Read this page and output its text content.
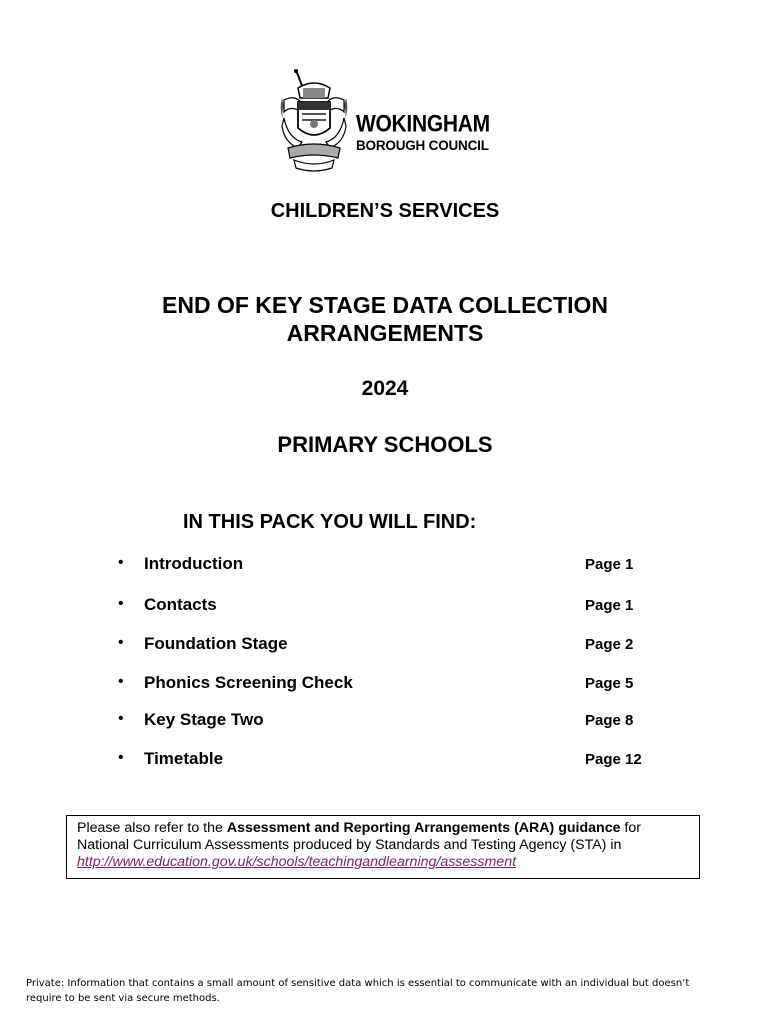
WOKINGHAM
BOROUGH COUNCIL
CHILDREN’S SERVICES
END OF KEY STAGE DATA COLLECTION
ARRANGEMENTS
2024
PRIMARY SCHOOLS
IN THIS PACK YOU WILL FIND:
• Introduction	Page 1
• Contacts	Page 1
• Foundation Stage	Page 2
• Phonics Screening Check	Page 5
• Key Stage Two	Page 8
• Timetable	Page 12
Please also refer to the Assessment and Reporting Arrangements (ARA) guidance for National Curriculum Assessments produced by Standards and Testing Agency (STA) in http://www.education.gov.uk/schools/teachingandlearning/assessment
Private: Information that contains a small amount of sensitive data which is essential to communicate with an individual but doesn’t
require to be sent via secure methods.
